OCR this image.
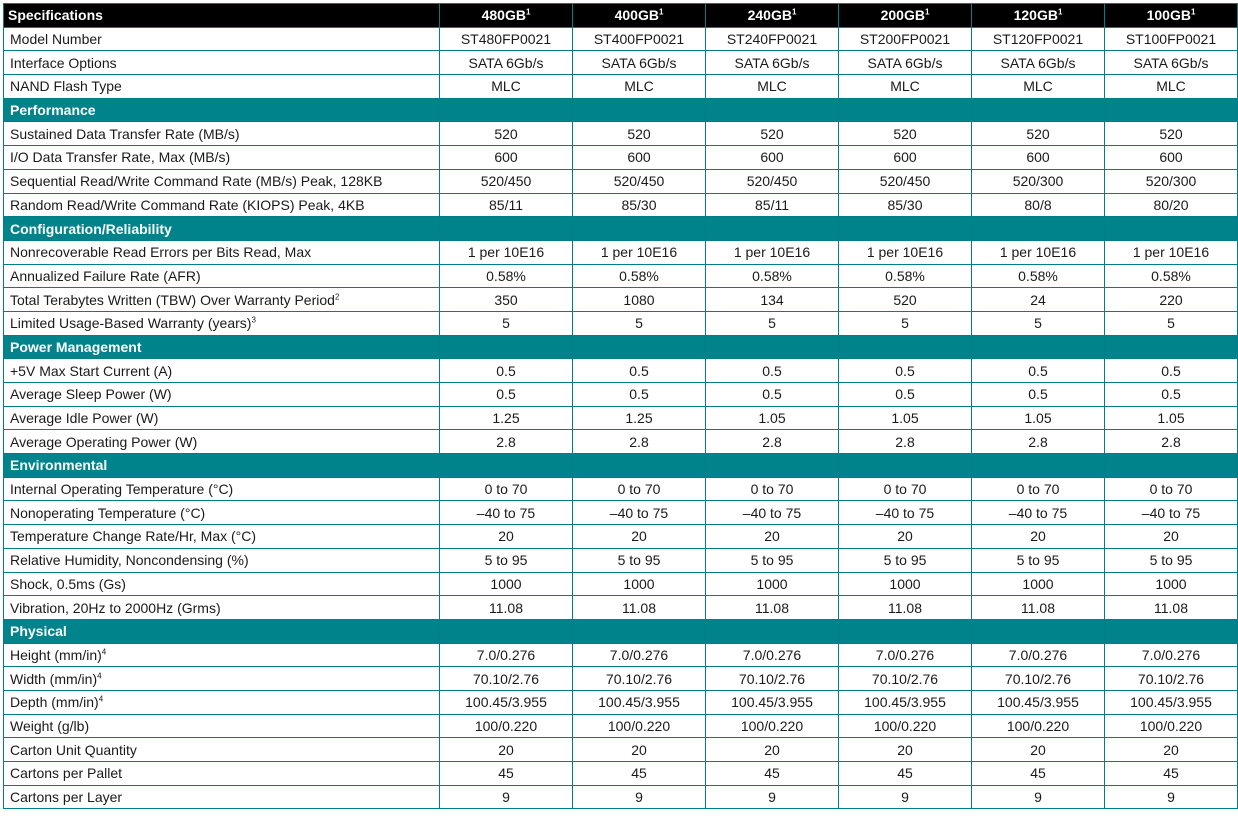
Specifications	$480GB^1$	$400GB^1$	$240GB^1$	$200GB^1$	$120GB^1$	$100GB^1$
Model Number	ST480FP0021	ST400FP0021	ST240FP0021	ST200FP0021	ST120FP0021	ST100FP0021
Interface Options	SATA 6Gb/s	SATA 6Gb/s	SATA 6Gb/s	SATA 6Gb/s	SATA 6Gb/s	SATA 6Gb/s
NAND Flash Type	MLC	MLC	MLC	MLC	MLC	MLC
Performance						
Sustained Data Transfer Rate (MB/s)	520	520	520	520	520	520
I/O Data Transfer Rate, Max (MB/s)	600	600	600	600	600	600
Sequential Read/Write Command Rate (MB/s) Peak, 128KB	520/450	520/450	520/450	520/450	520/300	520/300
Random Read/Write Command Rate (KIOPS) Peak, 4KB	85/11	85/30	85/11	85/30	80/8	80/20
Configuration/Reliability						
Nonrecoverable Read Errors per Bits Read, Max	1 per 10E16	1 per 10E16	1 per 10E16	1 per 10E16	1 per 10E16	1 per 10E16
Annualized Failure Rate (AFR)	0.58%	0.58%	0.58%	0.58%	0.58%	0.58%
Total Terabytes Written (TBW) Over Warranty Period$^2$	350	1080	134	520	24	220
Limited Usage-Based Warranty (years)$^3$	5	5	5	5	5	5
Power Management						
+5V Max Start Current (A)	0.5	0.5	0.5	0.5	0.5	0.5
Average Sleep Power (W)	0.5	0.5	0.5	0.5	0.5	0.5
Average Idle Power (W)	1.25	1.25	1.05	1.05	1.05	1.05
Average Operating Power (W)	2.8	2.8	2.8	2.8	2.8	2.8
Environmental						
Internal Operating Temperature (°C)	0 to 70	0 to 70	0 to 70	0 to 70	0 to 70	0 to 70
Nonoperating Temperature (°C)	–40 to 75	–40 to 75	–40 to 75	–40 to 75	–40 to 75	–40 to 75
Temperature Change Rate/Hr, Max (°C)	20	20	20	20	20	20
Relative Humidity, Noncondensing (%)	5 to 95	5 to 95	5 to 95	5 to 95	5 to 95	5 to 95
Shock, 0.5ms (Gs)	1000	1000	1000	1000	1000	1000
Vibration, 20Hz to 2000Hz (Grms)	11.08	11.08	11.08	11.08	11.08	11.08
Physical						
Height $(mm/in)^4$	7.0/0.276	7.0/0.276	7.0/0.276	7.0/0.276	7.0/0.276	7.0/0.276
Width $(mm/in)^4$	70.10/2.76	70.10/2.76	70.10/2.76	70.10/2.76	70.10/2.76	70.10/2.76
Depth $(mm/in)^4$	100.45/3.955	100.45/3.955	100.45/3.955	100.45/3.955	100.45/3.955	100.45/3.955
Weight (g/lb)	100/0.220	100/0.220	100/0.220	100/0.220	100/0.220	100/0.220
Carton Unit Quantity	20	20	20	20	20	20
Cartons per Pallet	45	45	45	45	45	45
Cartons per Layer	9	9	9	9	9	9
